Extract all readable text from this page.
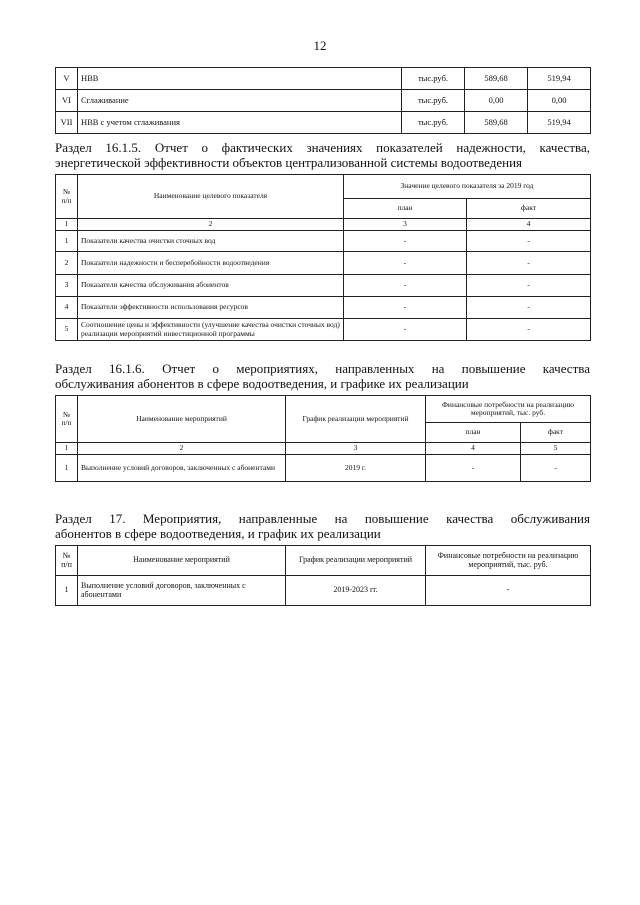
12
V	НВВ	тыс.руб.	589,68	519,94
VI	Сглаживание	тыс.руб.	0,00	0,00
VII	НВВ с учетом сглаживания	тыс.руб.	589,68	519,94
Раздел 16.1.5. Отчет о фактических значениях показателей надежности, качества,
энергетической эффективности объектов централизованной системы водоотведения
№ п/п	Наименование целевого показателя	Значение целевого показателя за 2019 год	
		план	факт
1	2	3	4
1	Показатели качества очистки сточных вод	-	-
2	Показатели надежности и бесперебойности водоотведения	-	-
3	Показатели качества обслуживания абонентов	-	-
4	Показатели эффективности использования ресурсов	-	-
5	Соотношение цены и эффективности (улучшение качества очистки сточных вод) реализации мероприятий инвестиционной программы	-	-
Раздел 16.1.6. Отчет о мероприятиях, направленных на повышение качества
обслуживания абонентов в сфере водоотведения, и графике их реализации
№ п/п	Наименование мероприятий	График реализации мероприятий	Финансовые потребности на реализацию мероприятий, тыс. руб.	
			план	факт
1	2	3	4	5
1	Выполнение условий договоров, заключенных с абонентами	2019 г.	-	-
Раздел 17. Мероприятия, направленные на повышение качества обслуживания
абонентов в сфере водоотведения, и график их реализации
№ п/п	Наименование мероприятий	График реализации мероприятий	Финансовые потребности на реализацию мероприятий, тыс. руб.
1	Выполнение условий договоров, заключенных с абонентами	2019-2023 гг.	-
